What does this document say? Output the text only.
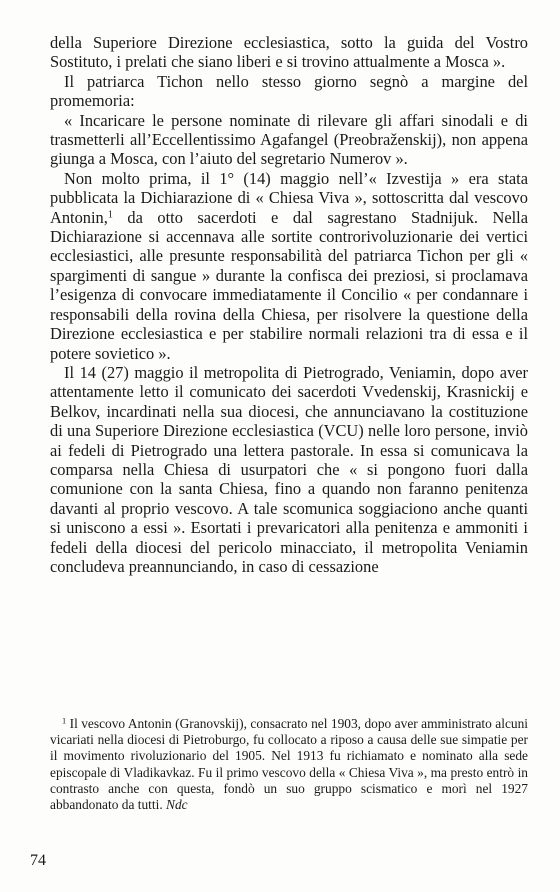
della Superiore Direzione ecclesiastica, sotto la guida del Vostro Sostituto, i prelati che siano liberi e si trovino attualmente a Mosca ».

Il patriarca Tichon nello stesso giorno segnò a margine del promemoria:

« Incaricare le persone nominate di rilevare gli affari sinodali e di trasmetterli all’Eccellentissimo Agafangel (Preobraženskij), non appena giunga a Mosca, con l’aiuto del segretario Numerov ».

Non molto prima, il 1° (14) maggio nell’« Izvestija » era stata pubblicata la Dichiarazione di « Chiesa Viva », sottoscritta dal vescovo Antonin,$^1$ da otto sacerdoti e dal sagrestano Stadnijuk. Nella Dichiarazione si accennava alle sortite controrivoluzionarie dei vertici ecclesiastici, alle presunte responsabilità del patriarca Tichon per gli « spargimenti di sangue » durante la confisca dei preziosi, si proclamava l’esigenza di convocare immediatamente il Concilio « per condannare i responsabili della rovina della Chiesa, per risolvere la questione della Direzione ecclesiastica e per stabilire normali relazioni tra di essa e il potere sovietico ».

Il 14 (27) maggio il metropolita di Pietrogrado, Veniamin, dopo aver attentamente letto il comunicato dei sacerdoti Vvedenskij, Krasnickij e Belkov, incardinati nella sua diocesi, che annunciavano la costituzione di una Superiore Direzione ecclesiastica (VCU) nelle loro persone, inviò ai fedeli di Pietrogrado una lettera pastorale. In essa si comunicava la comparsa nella Chiesa di usurpatori che « si pongono fuori dalla comunione con la santa Chiesa, fino a quando non faranno penitenza davanti al proprio vescovo. A tale scomunica soggiaciono anche quanti si uniscono a essi ». Esortati i prevaricatori alla penitenza e ammoniti i fedeli della diocesi del pericolo minacciato, il metropolita Veniamin concludeva preannunciando, in caso di cessazione

$^1$ Il vescovo Antonin (Granovskij), consacrato nel 1903, dopo aver amministrato alcuni vicariati nella diocesi di Pietroburgo, fu collocato a riposo a causa delle sue simpatie per il movimento rivoluzionario del 1905. Nel 1913 fu richiamato e nominato alla sede episcopale di Vladikavkaz. Fu il primo vescovo della « Chiesa Viva », ma presto entrò in contrasto anche con questa, fondò un suo gruppo scismatico e morì nel 1927 abbandonato da tutti. Ndc

74
